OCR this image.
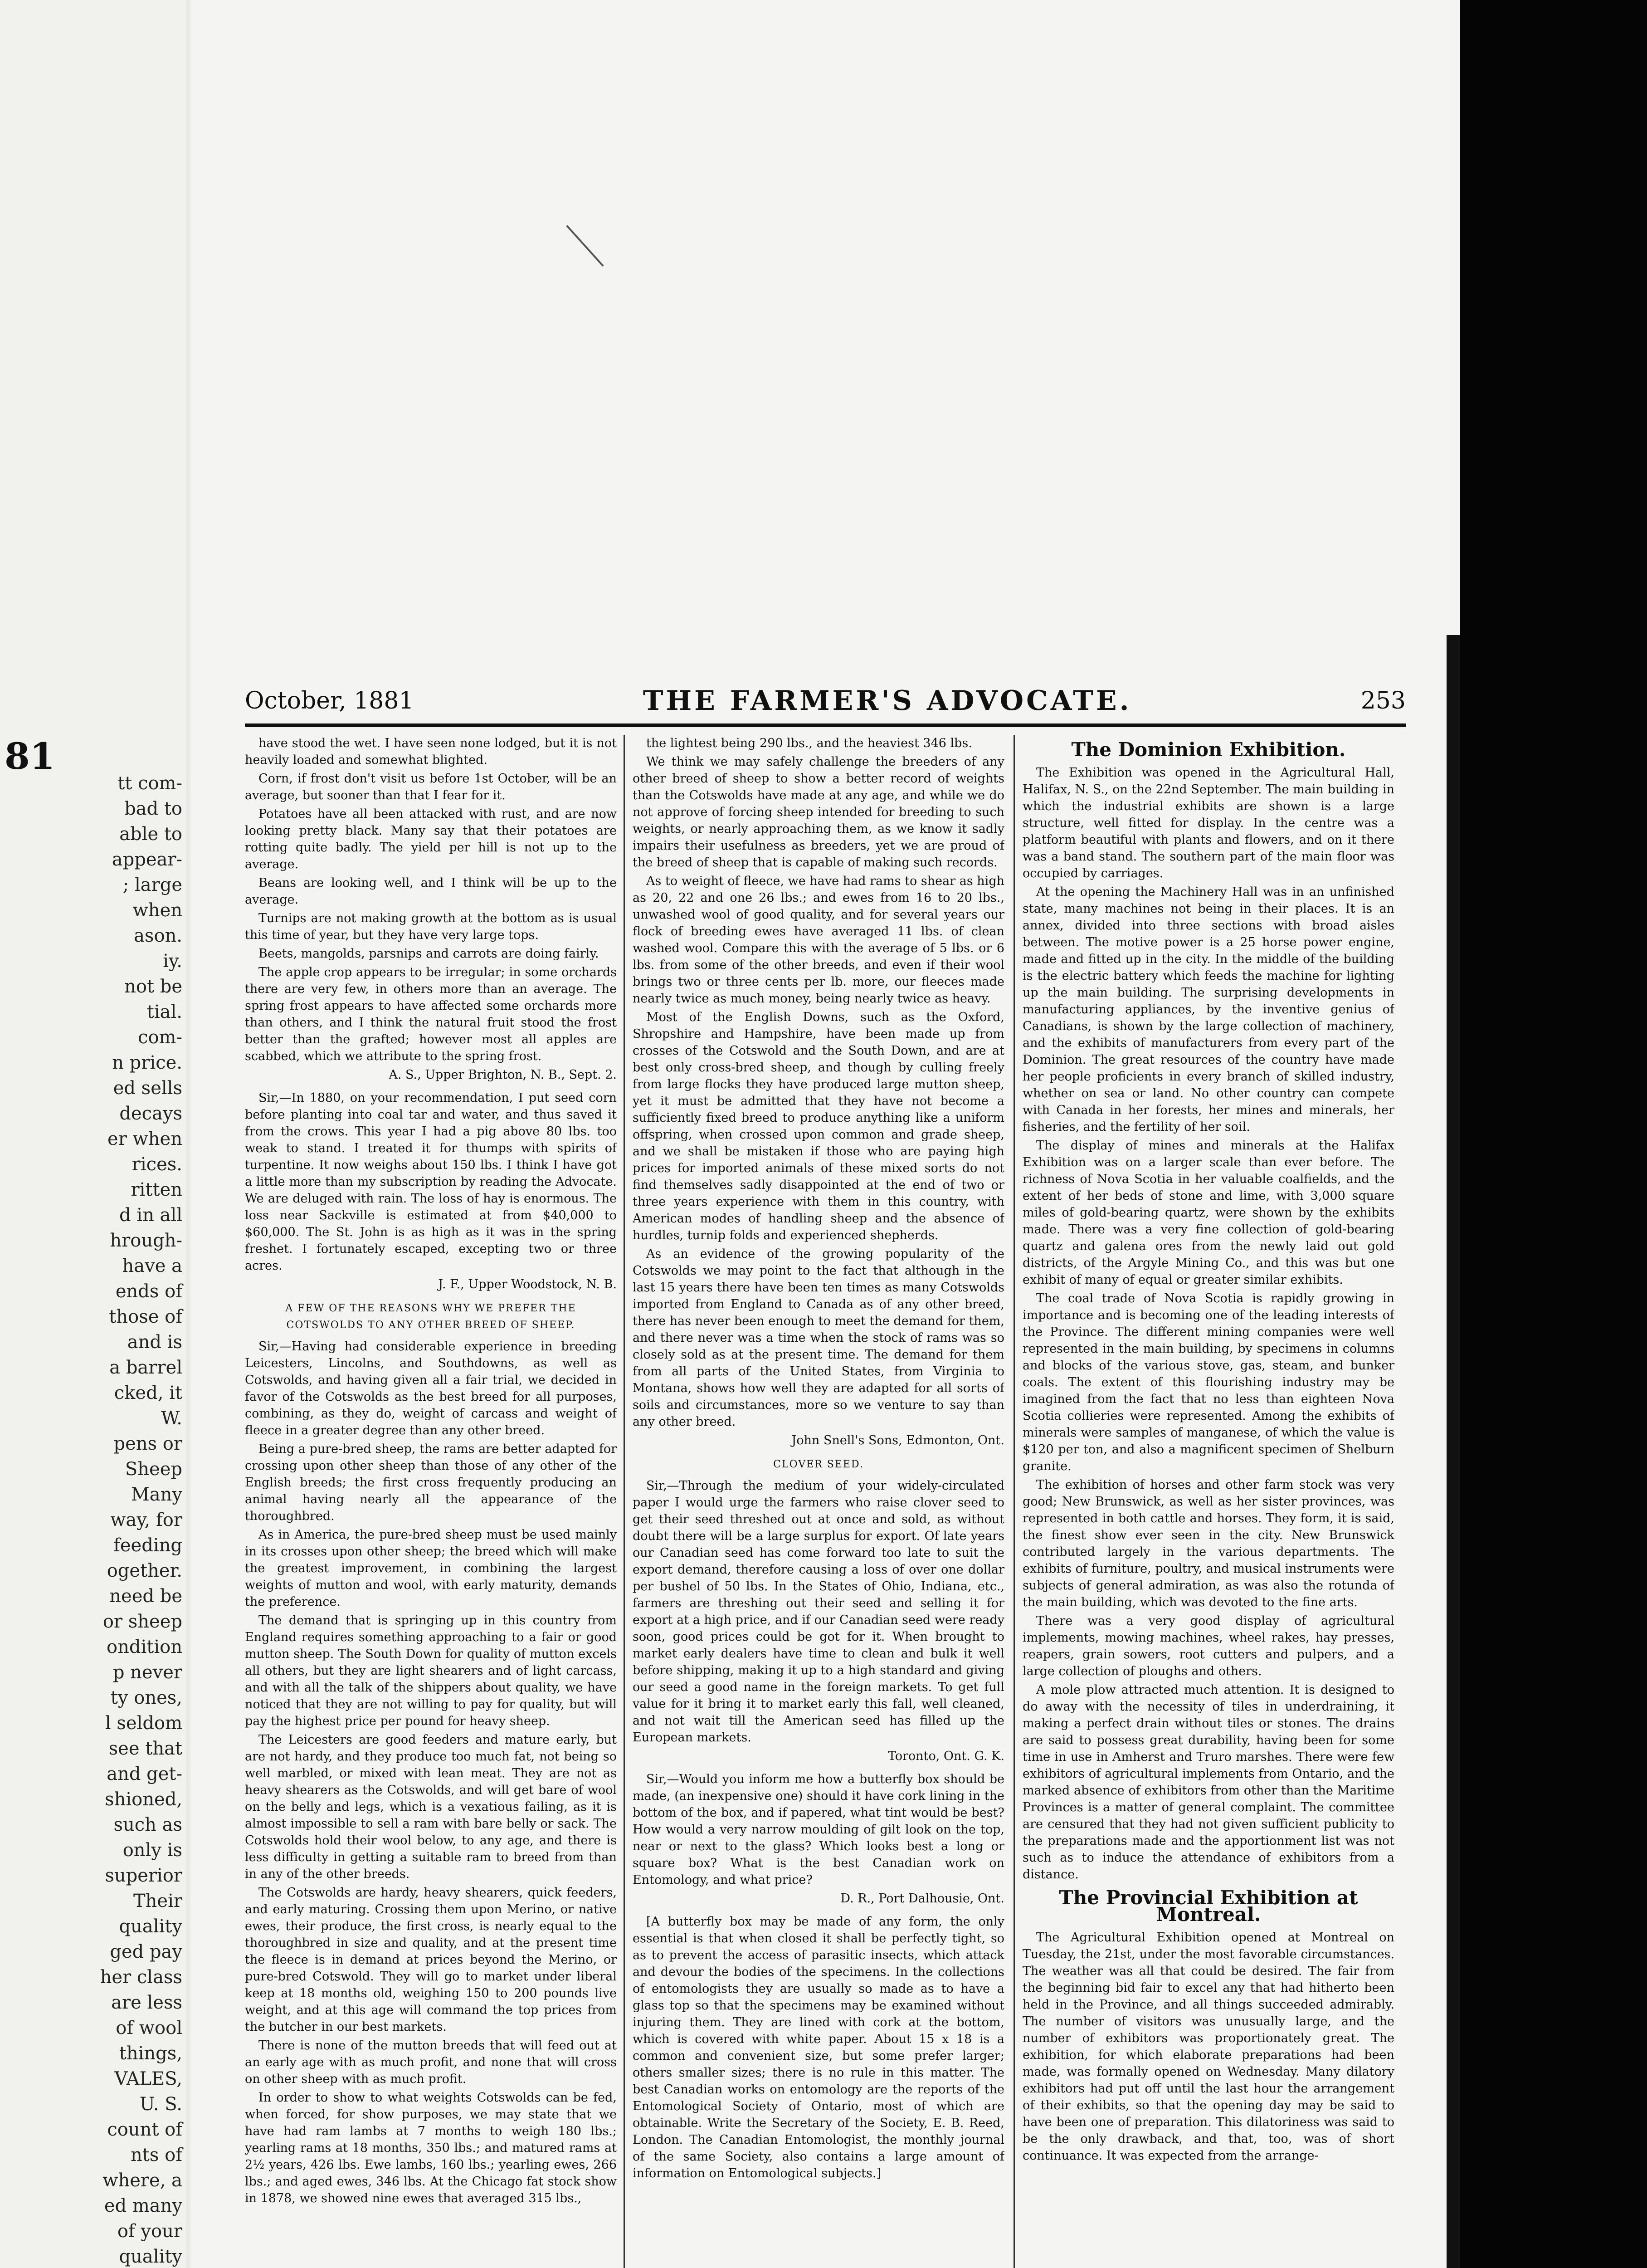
81
tt com-
bad to
able to
appear-
; large
when
ason.
iy.
not be
tial.
com-
n price.
ed sells
decays
er when
rices.
ritten
d in all
hrough-
have a
ends of
those of
and is
a barrel
cked, it
W.
pens or
Sheep
Many
way, for
feeding
ogether.
need be
or sheep
ondition
p never
ty ones,
l seldom
see that
and get-
shioned,
such as
only is
superior
Their
quality
ged pay
her class
are less
of wool
things,
VALES,
U. S.
count of
nts of
where, a
ed many
of your
quality
October, 1881	THE FARMER'S ADVOCATE.	253

have stood the wet. I have seen none lodged, but it is not heavily loaded and somewhat blighted.

Corn, if frost don't visit us before 1st October, will be an average, but sooner than that I fear for it.

Potatoes have all been attacked with rust, and are now looking pretty black. Many say that their potatoes are rotting quite badly. The yield per hill is not up to the average.

Beans are looking well, and I think will be up to the average.

Turnips are not making growth at the bottom as is usual this time of year, but they have very large tops.

Beets, mangolds, parsnips and carrots are doing fairly.

The apple crop appears to be irregular; in some orchards there are very few, in others more than an average. The spring frost appears to have affected some orchards more than others, and I think the natural fruit stood the frost better than the grafted; however most all apples are scabbed, which we attribute to the spring frost.

A. S., Upper Brighton, N. B., Sept. 2.

Sir,—In 1880, on your recommendation, I put seed corn before planting into coal tar and water, and thus saved it from the crows. This year I had a pig above 80 lbs. too weak to stand. I treated it for thumps with spirits of turpentine. It now weighs about 150 lbs. I think I have got a little more than my subscription by reading the Advocate. We are deluged with rain. The loss of hay is enormous. The loss near Sackville is estimated at from $40,000 to $60,000. The St. John is as high as it was in the spring freshet. I fortunately escaped, excepting two or three acres.

J. F., Upper Woodstock, N. B.

A FEW OF THE REASONS WHY WE PREFER THE COTSWOLDS TO ANY OTHER BREED OF SHEEP.

Sir,—Having had considerable experience in breeding Leicesters, Lincolns, and Southdowns, as well as Cotswolds, and having given all a fair trial, we decided in favor of the Cotswolds as the best breed for all purposes, combining, as they do, weight of carcass and weight of fleece in a greater degree than any other breed.

Being a pure-bred sheep, the rams are better adapted for crossing upon other sheep than those of any other of the English breeds; the first cross frequently producing an animal having nearly all the appearance of the thoroughbred.

As in America, the pure-bred sheep must be used mainly in its crosses upon other sheep; the breed which will make the greatest improvement, in combining the largest weights of mutton and wool, with early maturity, demands the preference.

The demand that is springing up in this country from England requires something approaching to a fair or good mutton sheep. The South Down for quality of mutton excels all others, but they are light shearers and of light carcass, and with all the talk of the shippers about quality, we have noticed that they are not willing to pay for quality, but will pay the highest price per pound for heavy sheep.

The Leicesters are good feeders and mature early, but are not hardy, and they produce too much fat, not being so well marbled, or mixed with lean meat. They are not as heavy shearers as the Cotswolds, and will get bare of wool on the belly and legs, which is a vexatious failing, as it is almost impossible to sell a ram with bare belly or sack. The Cotswolds hold their wool below, to any age, and there is less difficulty in getting a suitable ram to breed from than in any of the other breeds.

The Cotswolds are hardy, heavy shearers, quick feeders, and early maturing. Crossing them upon Merino, or native ewes, their produce, the first cross, is nearly equal to the thoroughbred in size and quality, and at the present time the fleece is in demand at prices beyond the Merino, or pure-bred Cotswold. They will go to market under liberal keep at 18 months old, weighing 150 to 200 pounds live weight, and at this age will command the top prices from the butcher in our best markets.

There is none of the mutton breeds that will feed out at an early age with as much profit, and none that will cross on other sheep with as much profit.

In order to show to what weights Cotswolds can be fed, when forced, for show purposes, we may state that we have had ram lambs at 7 months to weigh 180 lbs.; yearling rams at 18 months, 350 lbs.; and matured rams at 2½ years, 426 lbs. Ewe lambs, 160 lbs.; yearling ewes, 266 lbs.; and aged ewes, 346 lbs. At the Chicago fat stock show in 1878, we showed nine ewes that averaged 315 lbs.,

the lightest being 290 lbs., and the heaviest 346 lbs.

We think we may safely challenge the breeders of any other breed of sheep to show a better record of weights than the Cotswolds have made at any age, and while we do not approve of forcing sheep intended for breeding to such weights, or nearly approaching them, as we know it sadly impairs their usefulness as breeders, yet we are proud of the breed of sheep that is capable of making such records.

As to weight of fleece, we have had rams to shear as high as 20, 22 and one 26 lbs.; and ewes from 16 to 20 lbs., unwashed wool of good quality, and for several years our flock of breeding ewes have averaged 11 lbs. of clean washed wool. Compare this with the average of 5 lbs. or 6 lbs. from some of the other breeds, and even if their wool brings two or three cents per lb. more, our fleeces made nearly twice as much money, being nearly twice as heavy.

Most of the English Downs, such as the Oxford, Shropshire and Hampshire, have been made up from crosses of the Cotswold and the South Down, and are at best only cross-bred sheep, and though by culling freely from large flocks they have produced large mutton sheep, yet it must be admitted that they have not become a sufficiently fixed breed to produce anything like a uniform offspring, when crossed upon common and grade sheep, and we shall be mistaken if those who are paying high prices for imported animals of these mixed sorts do not find themselves sadly disappointed at the end of two or three years experience with them in this country, with American modes of handling sheep and the absence of hurdles, turnip folds and experienced shepherds.

As an evidence of the growing popularity of the Cotswolds we may point to the fact that although in the last 15 years there have been ten times as many Cotswolds imported from England to Canada as of any other breed, there has never been enough to meet the demand for them, and there never was a time when the stock of rams was so closely sold as at the present time. The demand for them from all parts of the United States, from Virginia to Montana, shows how well they are adapted for all sorts of soils and circumstances, more so we venture to say than any other breed.

John Snell's Sons, Edmonton, Ont.

CLOVER SEED.

Sir,—Through the medium of your widely-circulated paper I would urge the farmers who raise clover seed to get their seed threshed out at once and sold, as without doubt there will be a large surplus for export. Of late years our Canadian seed has come forward too late to suit the export demand, therefore causing a loss of over one dollar per bushel of 50 lbs. In the States of Ohio, Indiana, etc., farmers are threshing out their seed and selling it for export at a high price, and if our Canadian seed were ready soon, good prices could be got for it. When brought to market early dealers have time to clean and bulk it well before shipping, making it up to a high standard and giving our seed a good name in the foreign markets. To get full value for it bring it to market early this fall, well cleaned, and not wait till the American seed has filled up the European markets.

Toronto, Ont. G. K.

Sir,—Would you inform me how a butterfly box should be made, (an inexpensive one) should it have cork lining in the bottom of the box, and if papered, what tint would be best? How would a very narrow moulding of gilt look on the top, near or next to the glass? Which looks best a long or square box? What is the best Canadian work on Entomology, and what price?

D. R., Port Dalhousie, Ont.

[A butterfly box may be made of any form, the only essential is that when closed it shall be perfectly tight, so as to prevent the access of parasitic insects, which attack and devour the bodies of the specimens. In the collections of entomologists they are usually so made as to have a glass top so that the specimens may be examined without injuring them. They are lined with cork at the bottom, which is covered with white paper. About 15 x 18 is a common and convenient size, but some prefer larger; others smaller sizes; there is no rule in this matter. The best Canadian works on entomology are the reports of the Entomological Society of Ontario, most of which are obtainable. Write the Secretary of the Society, E. B. Reed, London. The Canadian Entomologist, the monthly journal of the same Society, also contains a large amount of information on Entomological subjects.]

The Dominion Exhibition.

The Exhibition was opened in the Agricultural Hall, Halifax, N. S., on the 22nd September. The main building in which the industrial exhibits are shown is a large structure, well fitted for display. In the centre was a platform beautiful with plants and flowers, and on it there was a band stand. The southern part of the main floor was occupied by carriages.

At the opening the Machinery Hall was in an unfinished state, many machines not being in their places. It is an annex, divided into three sections with broad aisles between. The motive power is a 25 horse power engine, made and fitted up in the city. In the middle of the building is the electric battery which feeds the machine for lighting up the main building. The surprising developments in manufacturing appliances, by the inventive genius of Canadians, is shown by the large collection of machinery, and the exhibits of manufacturers from every part of the Dominion. The great resources of the country have made her people proficients in every branch of skilled industry, whether on sea or land. No other country can compete with Canada in her forests, her mines and minerals, her fisheries, and the fertility of her soil.

The display of mines and minerals at the Halifax Exhibition was on a larger scale than ever before. The richness of Nova Scotia in her valuable coalfields, and the extent of her beds of stone and lime, with 3,000 square miles of gold-bearing quartz, were shown by the exhibits made. There was a very fine collection of gold-bearing quartz and galena ores from the newly laid out gold districts, of the Argyle Mining Co., and this was but one exhibit of many of equal or greater similar exhibits.

The coal trade of Nova Scotia is rapidly growing in importance and is becoming one of the leading interests of the Province. The different mining companies were well represented in the main building, by specimens in columns and blocks of the various stove, gas, steam, and bunker coals. The extent of this flourishing industry may be imagined from the fact that no less than eighteen Nova Scotia collieries were represented. Among the exhibits of minerals were samples of manganese, of which the value is $120 per ton, and also a magnificent specimen of Shelburn granite.

The exhibition of horses and other farm stock was very good; New Brunswick, as well as her sister provinces, was represented in both cattle and horses. They form, it is said, the finest show ever seen in the city. New Brunswick contributed largely in the various departments. The exhibits of furniture, poultry, and musical instruments were subjects of general admiration, as was also the rotunda of the main building, which was devoted to the fine arts.

There was a very good display of agricultural implements, mowing machines, wheel rakes, hay presses, reapers, grain sowers, root cutters and pulpers, and a large collection of ploughs and others.

A mole plow attracted much attention. It is designed to do away with the necessity of tiles in underdraining, it making a perfect drain without tiles or stones. The drains are said to possess great durability, having been for some time in use in Amherst and Truro marshes. There were few exhibitors of agricultural implements from Ontario, and the marked absence of exhibitors from other than the Maritime Provinces is a matter of general complaint. The committee are censured that they had not given sufficient publicity to the preparations made and the apportionment list was not such as to induce the attendance of exhibitors from a distance.

The Provincial Exhibition at Montreal.

The Agricultural Exhibition opened at Montreal on Tuesday, the 21st, under the most favorable circumstances. The weather was all that could be desired. The fair from the beginning bid fair to excel any that had hitherto been held in the Province, and all things succeeded admirably. The number of visitors was unusually large, and the number of exhibitors was proportionately great. The exhibition, for which elaborate preparations had been made, was formally opened on Wednesday. Many dilatory exhibitors had put off until the last hour the arrangement of their exhibits, so that the opening day may be said to have been one of preparation. This dilatoriness was said to be the only drawback, and that, too, was of short continuance. It was expected from the arrange-
